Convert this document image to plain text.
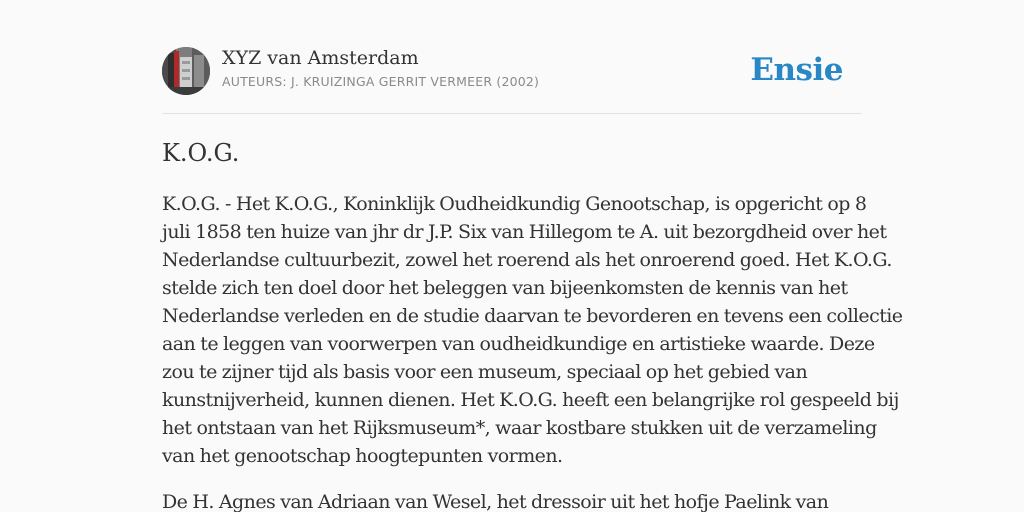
XYZ van Amsterdam
AUTEURS: J. KRUIZINGA GERRIT VERMEER (2002)	Ensie
K.O.G.

K.O.G. - Het K.O.G., Koninklijk Oudheidkundig Genootschap, is opgericht op 8
juli 1858 ten huize van jhr dr J.P. Six van Hillegom te A. uit bezorgdheid over het
Nederlandse cultuurbezit, zowel het roerend als het onroerend goed. Het K.O.G.
stelde zich ten doel door het beleggen van bijeenkomsten de kennis van het
Nederlandse verleden en de studie daarvan te bevorderen en tevens een collectie
aan te leggen van voorwerpen van oudheidkundige en artistieke waarde. Deze
zou te zijner tijd als basis voor een museum, speciaal op het gebied van
kunstnijverheid, kunnen dienen. Het K.O.G. heeft een belangrijke rol gespeeld bij
het ontstaan van het Rijksmuseum*, waar kostbare stukken uit de verzameling
van het genootschap hoogtepunten vormen.

De H. Agnes van Adriaan van Wesel, het dressoir uit het hofje Paelink van
